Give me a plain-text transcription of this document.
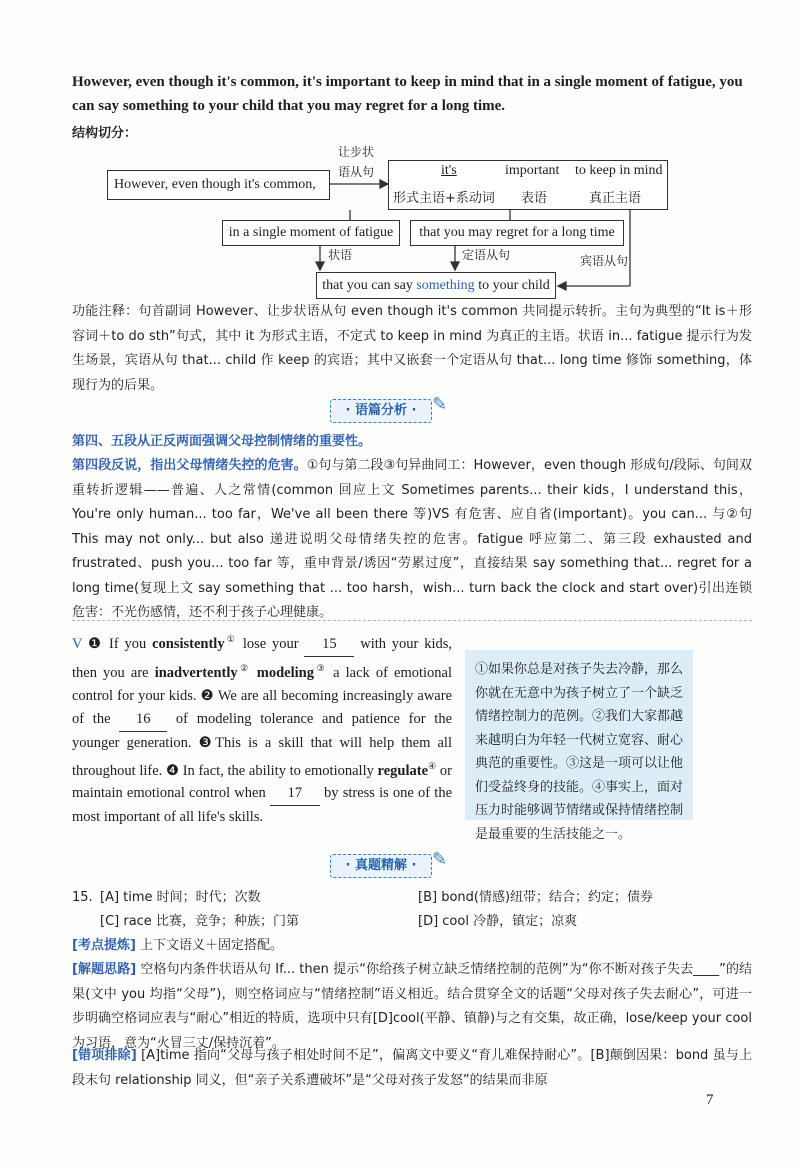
However, even though it's common, it's important to keep in mind that in a single moment of fatigue, you can say something to your child that you may regret for a long time.
结构切分：
However, even though it's common,
让步状
语从句	it's	important to keep in mind
形式主语+系动词 表语	真正主语
in a single moment of fatigue	that you may regret for a long time
状语	定语从句	宾语从句
that you can say something to your child
功能注释：句首副词 However、让步状语从句 even though it's common 共同提示转折。主句为典型的“It is＋形容词＋to do sth”句式，其中 it 为形式主语，不定式 to keep in mind 为真正的主语。状语 in... fatigue 提示行为发生场景，宾语从句 that... child 作 keep 的宾语；其中又嵌套一个定语从句 that... long time 修饰 something，体现行为的后果。
· 语篇分析 · ✎
第四、五段从正反两面强调父母控制情绪的重要性。
第四段反说，指出父母情绪失控的危害。①句与第二段③句异曲同工：However，even though 形成句/段际、句间双重转折逻辑——普遍、人之常情(common 回应上文 Sometimes parents... their kids，I understand this，You're only human... too far，We've all been there 等)VS 有危害、应自省(important)。you can... 与②句 This may not only... but also 递进说明父母情绪失控的危害。fatigue 呼应第二、第三段 exhausted and frustrated、push you... too far 等，重申背景/诱因“劳累过度”，直接结果 say something that... regret for a long time(复现上文 say something that ... too harsh，wish... turn back the clock and start over)引出连锁危害：不光伤感情，还不利于孩子心理健康。
V ❶ If you consistently① lose your 15 with your kids, then you are inadvertently② modeling③ a lack of emotional control for your kids. ❷ We are all becoming increasingly aware of the 16 of modeling tolerance and patience for the younger generation. ❸This is a skill that will help them all throughout life. ❹ In fact, the ability to emotionally regulate④ or maintain emotional control when 17 by stress is one of the most important of all life's skills.
①如果你总是对孩子失去冷静，那么你就在无意中为孩子树立了一个缺乏情绪控制力的范例。②我们大家都越来越明白为年轻一代树立宽容、耐心典范的重要性。③这是一项可以让他们受益终身的技能。④事实上，面对压力时能够调节情绪或保持情绪控制是最重要的生活技能之一。
· 真题精解 · ✎
15. [A] time 时间；时代；次数	[B] bond(情感)纽带；结合；约定；债券
[C] race 比赛，竞争；种族；门第	[D] cool 冷静，镇定；凉爽
[考点提炼] 上下文语义＋固定搭配。
[解题思路] 空格句内条件状语从句 If... then 提示“你给孩子树立缺乏情绪控制的范例”为“你不断对孩子失去____”的结果(文中 you 均指“父母”)，则空格词应与“情绪控制”语义相近。结合贯穿全文的话题“父母对孩子失去耐心”，可进一步明确空格词应表与“耐心”相近的特质，选项中只有[D]cool(平静、镇静)与之有交集，故正确，lose/keep your cool 为习语，意为“火冒三丈/保持沉着”。
[错项排除] [A]time 指向“父母与孩子相处时间不足”，偏离文中要义“育儿难保持耐心”。[B]颠倒因果：bond 虽与上段末句 relationship 同义，但“亲子关系遭破坏”是“父母对孩子发怒”的结果而非原
7
